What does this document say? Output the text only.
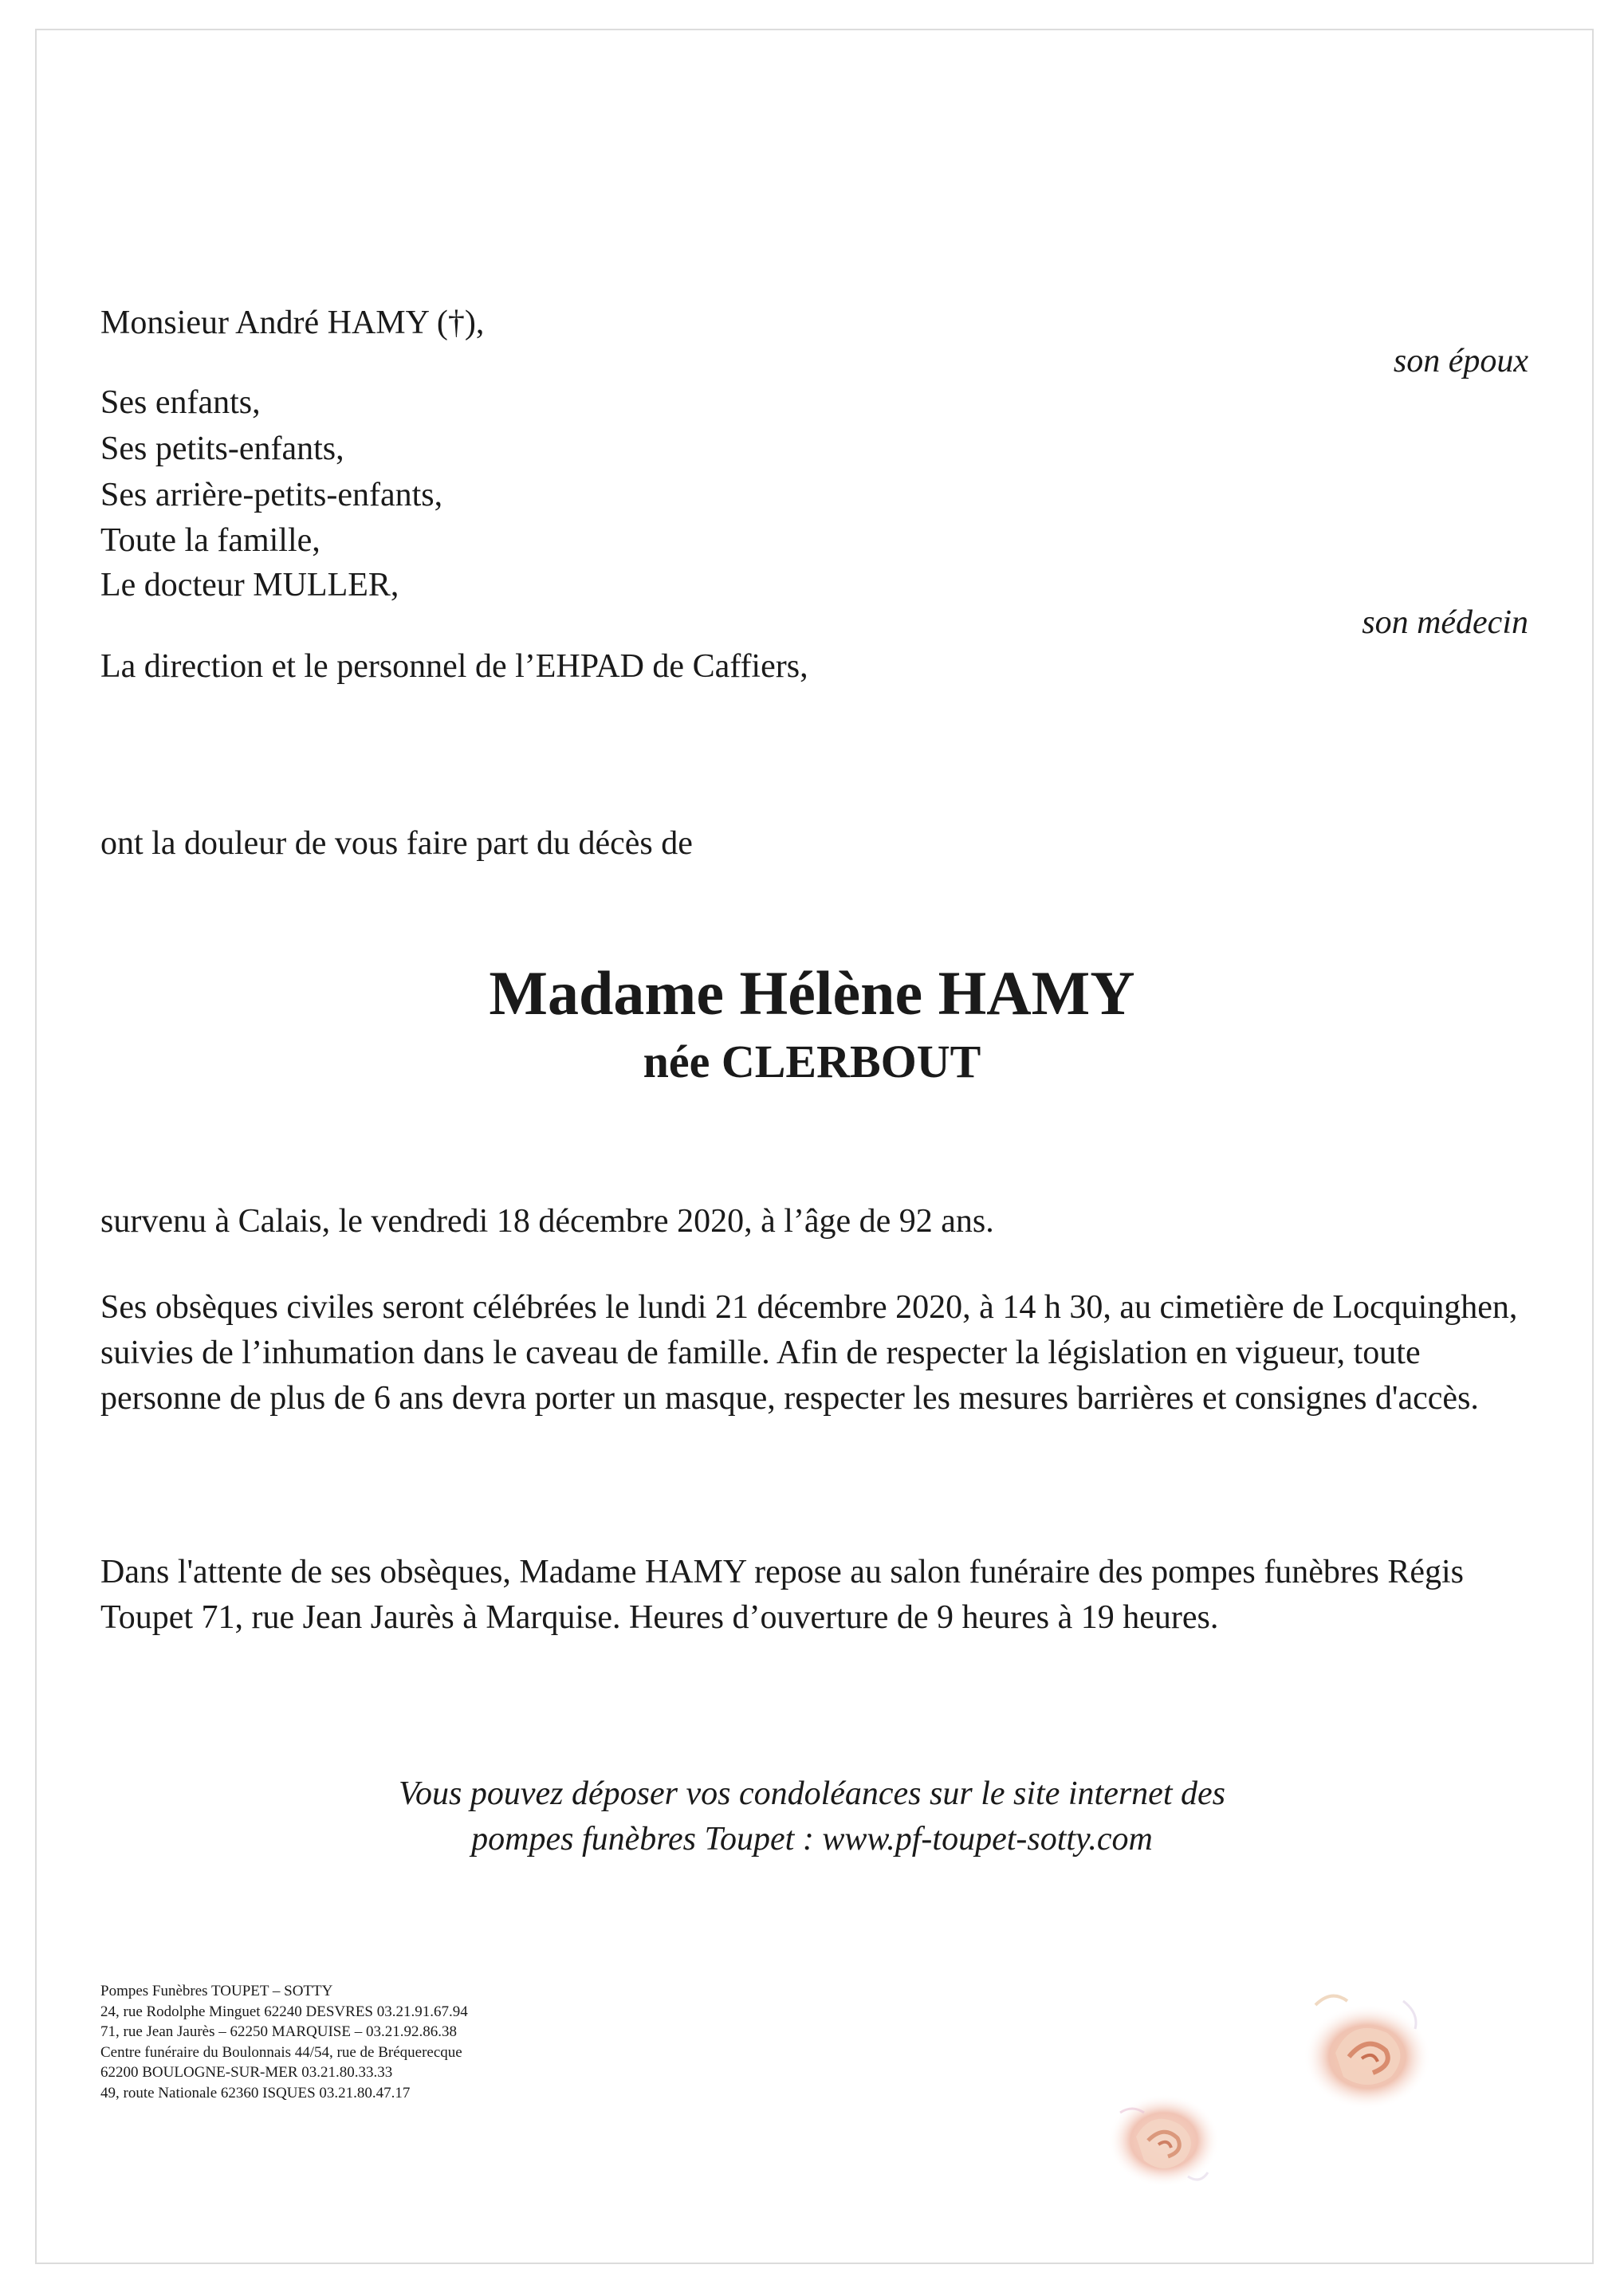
Monsieur André HAMY (†),
son époux
Ses enfants,
Ses petits-enfants,
Ses arrière-petits-enfants,
Toute la famille,
Le docteur MULLER,
son médecin
La direction et le personnel de l’EHPAD de Caffiers,
ont la douleur de vous faire part du décès de
Madame Hélène HAMY
née CLERBOUT
survenu à Calais, le vendredi 18 décembre 2020, à l’âge de 92 ans.
Ses obsèques civiles seront célébrées le lundi 21 décembre 2020, à 14 h 30, au cimetière de Locquinghen, suivies de l’inhumation dans le caveau de famille. Afin de respecter la législation en vigueur, toute personne de plus de 6 ans devra porter un masque, respecter les mesures barrières et consignes d'accès.
Dans l'attente de ses obsèques, Madame HAMY repose au salon funéraire des pompes funèbres Régis Toupet 71, rue Jean Jaurès à Marquise. Heures d’ouverture de 9 heures à 19 heures.
Vous pouvez déposer vos condoléances sur le site internet des
pompes funèbres Toupet : www.pf-toupet-sotty.com
Pompes Funèbres TOUPET – SOTTY
24, rue Rodolphe Minguet 62240 DESVRES 03.21.91.67.94
71, rue Jean Jaurès – 62250 MARQUISE – 03.21.92.86.38
Centre funéraire du Boulonnais 44/54, rue de Bréquerecque
62200 BOULOGNE-SUR-MER 03.21.80.33.33
49, route Nationale 62360 ISQUES 03.21.80.47.17
